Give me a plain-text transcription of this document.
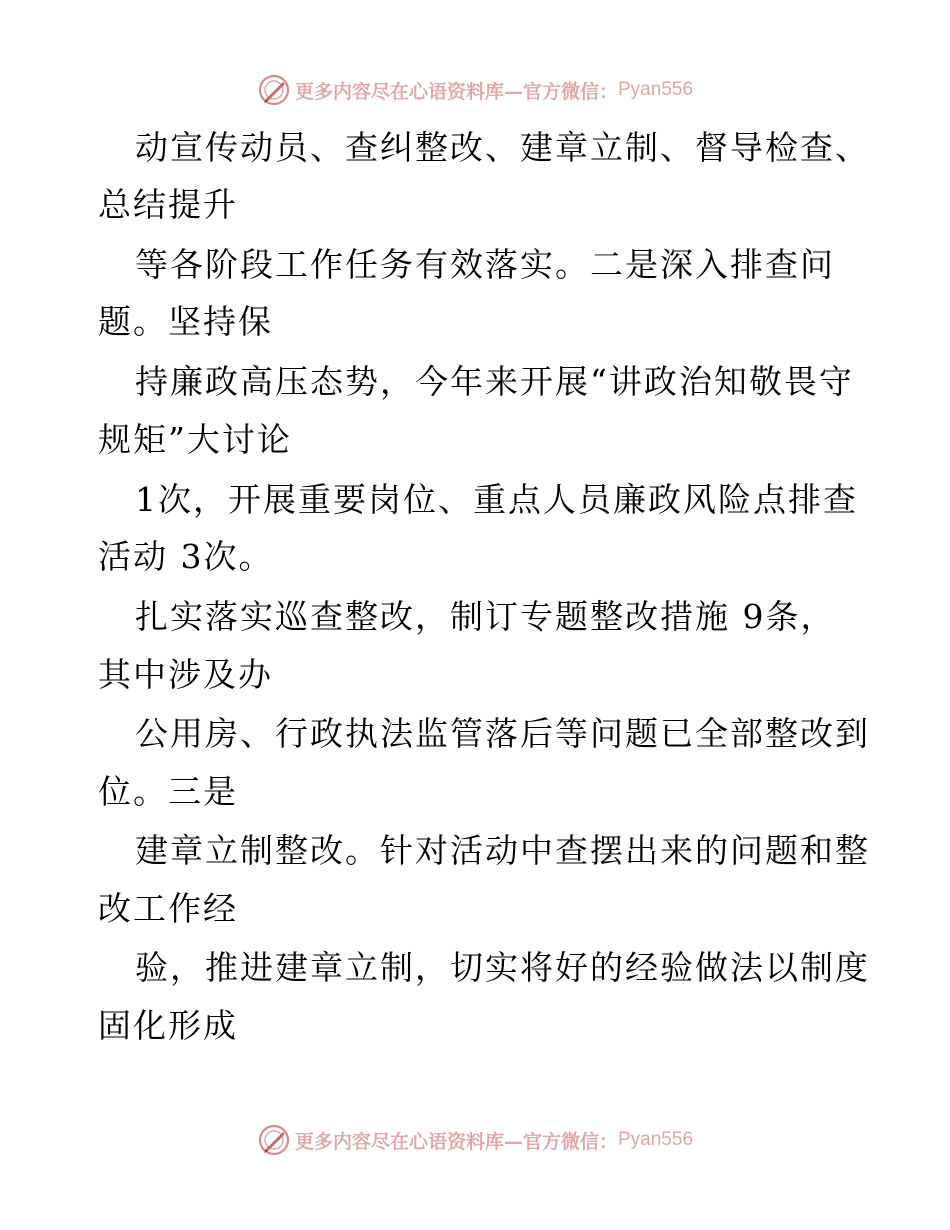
更多内容尽在心语资料库—官方微信： Pyan556
动宣传动员、查纠整改、建章立制、督导检查、
总结提升
等各阶段工作任务有效落实。二是深入排查问
题。坚持保
持廉政高压态势，今年来开展“讲政治知敬畏守
规矩”大讨论
1次，开展重要岗位、重点人员廉政风险点排查
活动 3次。
扎实落实巡查整改，制订专题整改措施 9条，
其中涉及办
公用房、行政执法监管落后等问题已全部整改到
位。三是
建章立制整改。针对活动中查摆出来的问题和整
改工作经
验，推进建章立制，切实将好的经验做法以制度
固化形成
更多内容尽在心语资料库—官方微信： Pyan556
